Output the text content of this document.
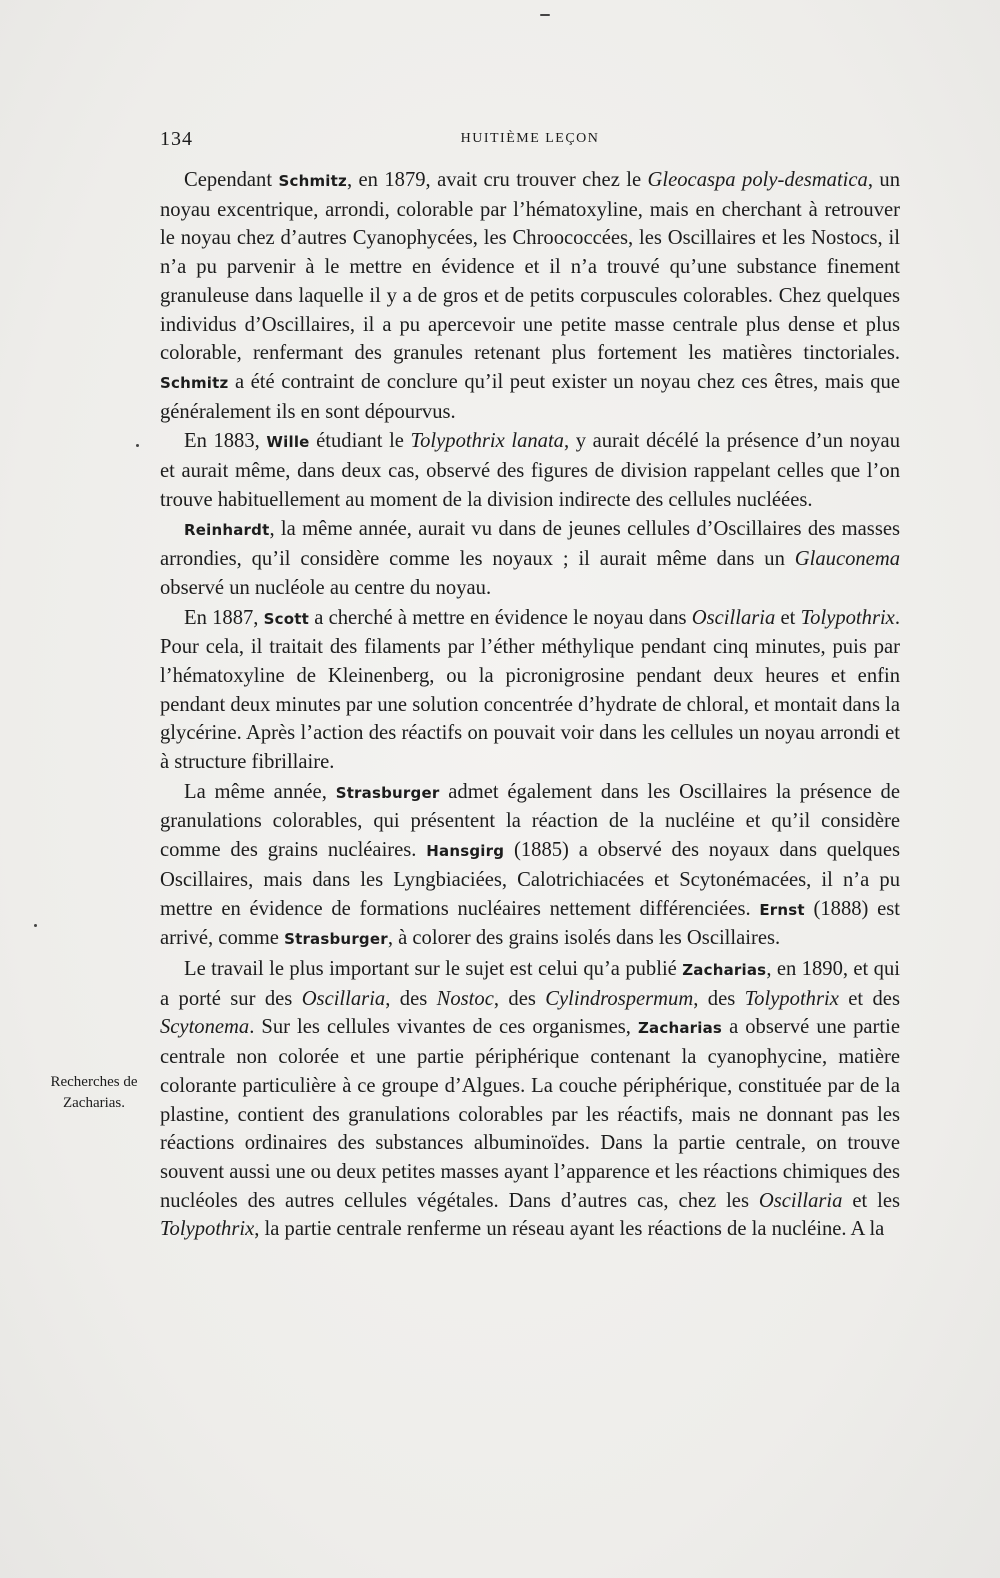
134	HUITIÈME LEÇON
Recherches de
Zacharias.

Cependant Schmitz, en 1879, avait cru trouver chez le Gleocaspa poly-desmatica, un noyau excentrique, arrondi, colorable par l’hématoxyline, mais en cherchant à retrouver le noyau chez d’autres Cyanophycées, les Chroococcées, les Oscillaires et les Nostocs, il n’a pu parvenir à le mettre en évidence et il n’a trouvé qu’une substance finement granuleuse dans laquelle il y a de gros et de petits corpuscules colorables. Chez quelques individus d’Oscillaires, il a pu apercevoir une petite masse centrale plus dense et plus colorable, renfermant des granules retenant plus fortement les matières tinctoriales. Schmitz a été contraint de conclure qu’il peut exister un noyau chez ces êtres, mais que généralement ils en sont dépourvus.

En 1883, Wille étudiant le Tolypothrix lanata, y aurait décélé la présence d’un noyau et aurait même, dans deux cas, observé des figures de division rappelant celles que l’on trouve habituellement au moment de la division indirecte des cellules nucléées.

Reinhardt, la même année, aurait vu dans de jeunes cellules d’Oscillaires des masses arrondies, qu’il considère comme les noyaux ; il aurait même dans un Glauconema observé un nucléole au centre du noyau.

En 1887, Scott a cherché à mettre en évidence le noyau dans Oscillaria et Tolypothrix. Pour cela, il traitait des filaments par l’éther méthylique pendant cinq minutes, puis par l’hématoxyline de Kleinenberg, ou la picronigrosine pendant deux heures et enfin pendant deux minutes par une solution concentrée d’hydrate de chloral, et montait dans la glycérine. Après l’action des réactifs on pouvait voir dans les cellules un noyau arrondi et à structure fibrillaire.

La même année, Strasburger admet également dans les Oscillaires la présence de granulations colorables, qui présentent la réaction de la nucléine et qu’il considère comme des grains nucléaires. Hansgirg (1885) a observé des noyaux dans quelques Oscillaires, mais dans les Lyngbiaciées, Calotrichiacées et Scytonémacées, il n’a pu mettre en évidence de formations nucléaires nettement différenciées. Ernst (1888) est arrivé, comme Strasburger, à colorer des grains isolés dans les Oscillaires.

Le travail le plus important sur le sujet est celui qu’a publié Zacharias, en 1890, et qui a porté sur des Oscillaria, des Nostoc, des Cylindrospermum, des Tolypothrix et des Scytonema. Sur les cellules vivantes de ces organismes, Zacharias a observé une partie centrale non colorée et une partie périphérique contenant la cyanophycine, matière colorante particulière à ce groupe d’Algues. La couche périphérique, constituée par de la plastine, contient des granulations colorables par les réactifs, mais ne donnant pas les réactions ordinaires des substances albuminoïdes. Dans la partie centrale, on trouve souvent aussi une ou deux petites masses ayant l’apparence et les réactions chimiques des nucléoles des autres cellules végétales. Dans d’autres cas, chez les Oscillaria et les Tolypothrix, la partie centrale renferme un réseau ayant les réactions de la nucléine. A la
